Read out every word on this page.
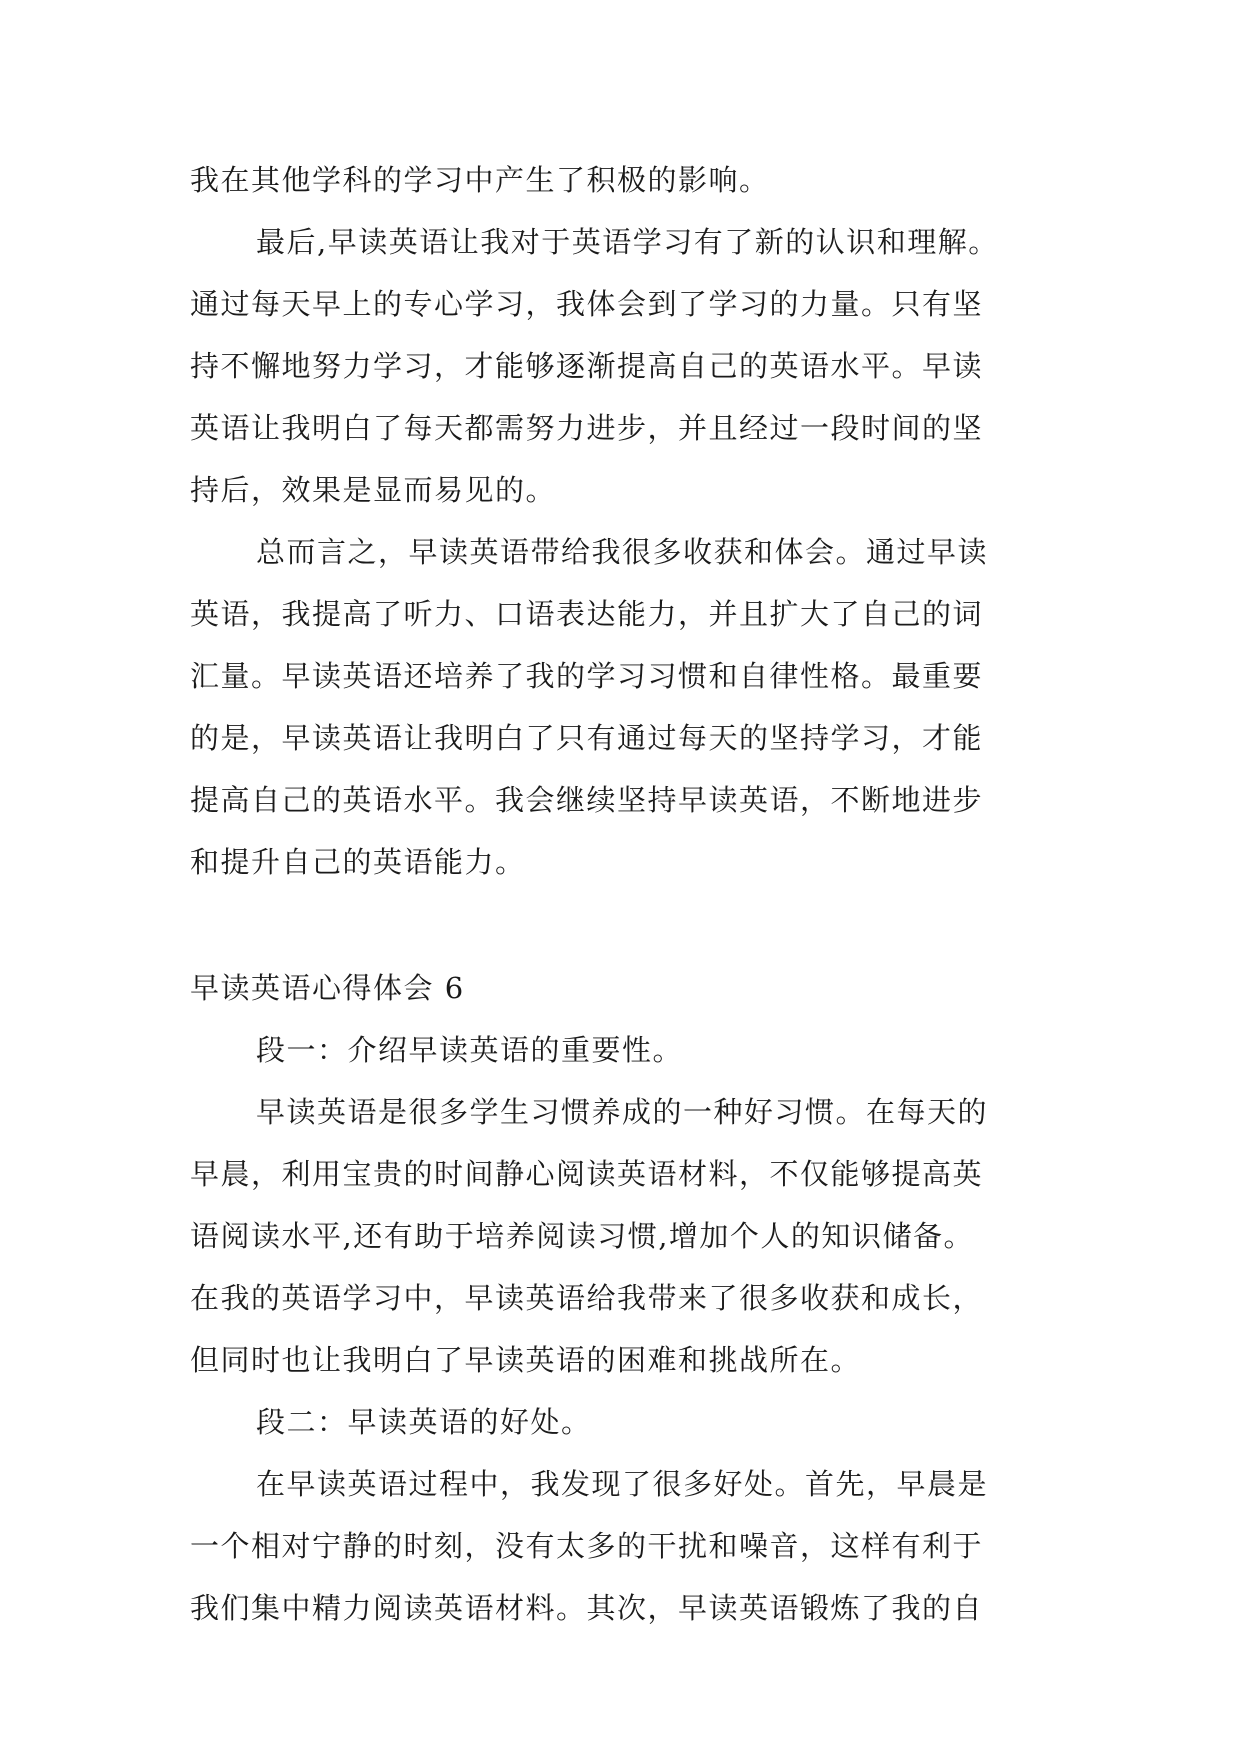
我在其他学科的学习中产生了积极的影响。
最后,早读英语让我对于英语学习有了新的认识和理解。
通过每天早上的专心学习，我体会到了学习的力量。只有坚
持不懈地努力学习，才能够逐渐提高自己的英语水平。早读
英语让我明白了每天都需努力进步，并且经过一段时间的坚
持后，效果是显而易见的。
总而言之，早读英语带给我很多收获和体会。通过早读
英语，我提高了听力、口语表达能力，并且扩大了自己的词
汇量。早读英语还培养了我的学习习惯和自律性格。最重要
的是，早读英语让我明白了只有通过每天的坚持学习，才能
提高自己的英语水平。我会继续坚持早读英语，不断地进步
和提升自己的英语能力。
早读英语心得体会 6
段一：介绍早读英语的重要性。
早读英语是很多学生习惯养成的一种好习惯。在每天的
早晨，利用宝贵的时间静心阅读英语材料，不仅能够提高英
语阅读水平,还有助于培养阅读习惯,增加个人的知识储备。
在我的英语学习中，早读英语给我带来了很多收获和成长，
但同时也让我明白了早读英语的困难和挑战所在。
段二：早读英语的好处。
在早读英语过程中，我发现了很多好处。首先，早晨是
一个相对宁静的时刻，没有太多的干扰和噪音，这样有利于
我们集中精力阅读英语材料。其次，早读英语锻炼了我的自
